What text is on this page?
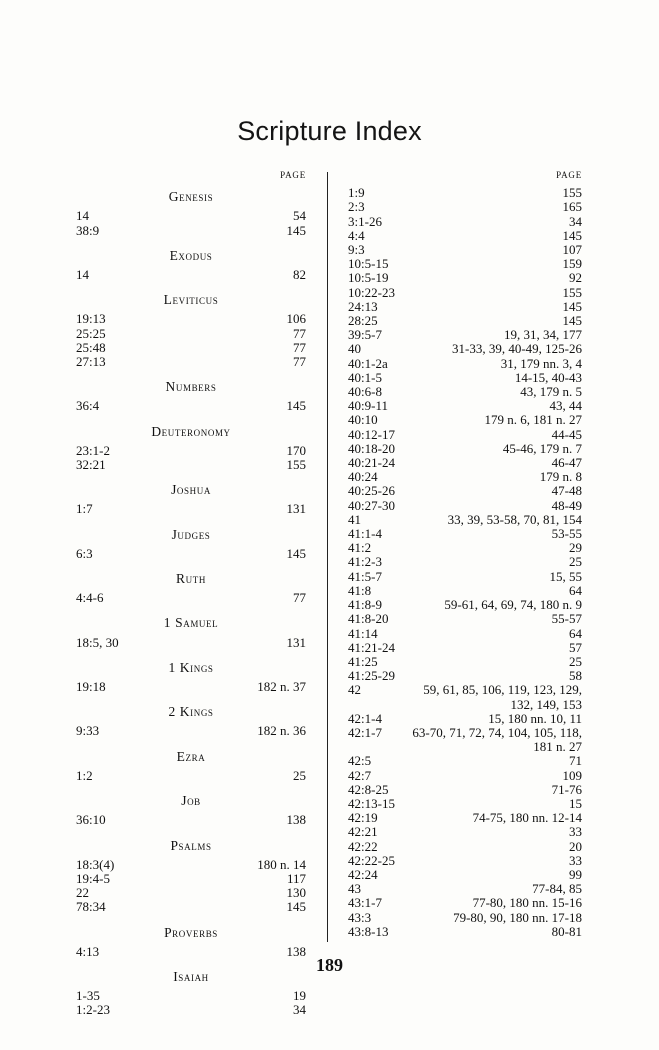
Scripture Index
PAGE
Genesis
14	54
38:9	145
Exodus
14	82
Leviticus
19:13	106
25:25	77
25:48	77
27:13	77
Numbers
36:4	145
Deuteronomy
23:1-2	170
32:21	155
Joshua
1:7	131
Judges
6:3	145
Ruth
4:4-6	77
1 Samuel
18:5, 30	131
1 Kings
19:18	182 n. 37
2 Kings
9:33	182 n. 36
Ezra
1:2	25
Job
36:10	138
Psalms
18:3(4)	180 n. 14
19:4-5	117
22	130
78:34	145
Proverbs
4:13	138
Isaiah
1-35	19
1:2-23	34
PAGE
1:9	155
2:3	165
3:1-26	34
4:4	145
9:3	107
10:5-15	159
10:5-19	92
10:22-23	155
24:13	145
28:25	145
39:5-7	19, 31, 34, 177
40	31-33, 39, 40-49, 125-26
40:1-2a	31, 179 nn. 3, 4
40:1-5	14-15, 40-43
40:6-8	43, 179 n. 5
40:9-11	43, 44
40:10	179 n. 6, 181 n. 27
40:12-17	44-45
40:18-20	45-46, 179 n. 7
40:21-24	46-47
40:24	179 n. 8
40:25-26	47-48
40:27-30	48-49
41	33, 39, 53-58, 70, 81, 154
41:1-4	53-55
41:2	29
41:2-3	25
41:5-7	15, 55
41:8	64
41:8-9	59-61, 64, 69, 74, 180 n. 9
41:8-20	55-57
41:14	64
41:21-24	57
41:25	25
41:25-29	58
42	59, 61, 85, 106, 119, 123, 129, 132, 149, 153
42:1-4	15, 180 nn. 10, 11
42:1-7	63-70, 71, 72, 74, 104, 105, 118, 181 n. 27
42:5	71
42:7	109
42:8-25	71-76
42:13-15	15
42:19	74-75, 180 nn. 12-14
42:21	33
42:22	20
42:22-25	33
42:24	99
43	77-84, 85
43:1-7	77-80, 180 nn. 15-16
43:3	79-80, 90, 180 nn. 17-18
43:8-13	80-81
189
